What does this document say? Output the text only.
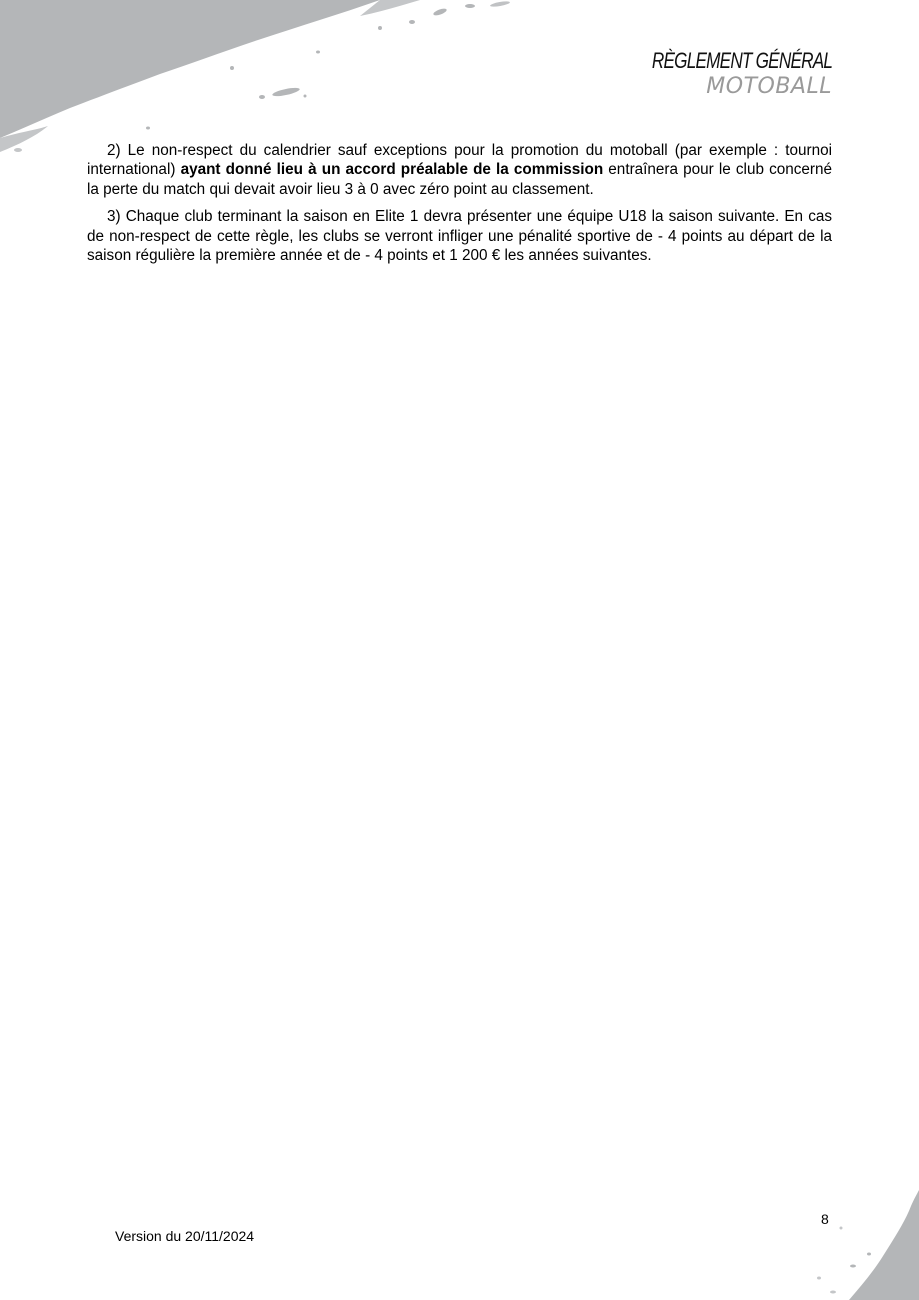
RÈGLEMENT GÉNÉRAL
MOTOBALL

2) Le non-respect du calendrier sauf exceptions pour la promotion du motoball (par exemple : tournoi international) ayant donné lieu à un accord préalable de la commission entraînera pour le club concerné la perte du match qui devait avoir lieu 3 à 0 avec zéro point au classement.

3) Chaque club terminant la saison en Elite 1 devra présenter une équipe U18 la saison suivante. En cas de non-respect de cette règle, les clubs se verront infliger une pénalité sportive de - 4 points au départ de la saison régulière la première année et de - 4 points et 1 200 € les années suivantes.

Version du 20/11/2024
8
